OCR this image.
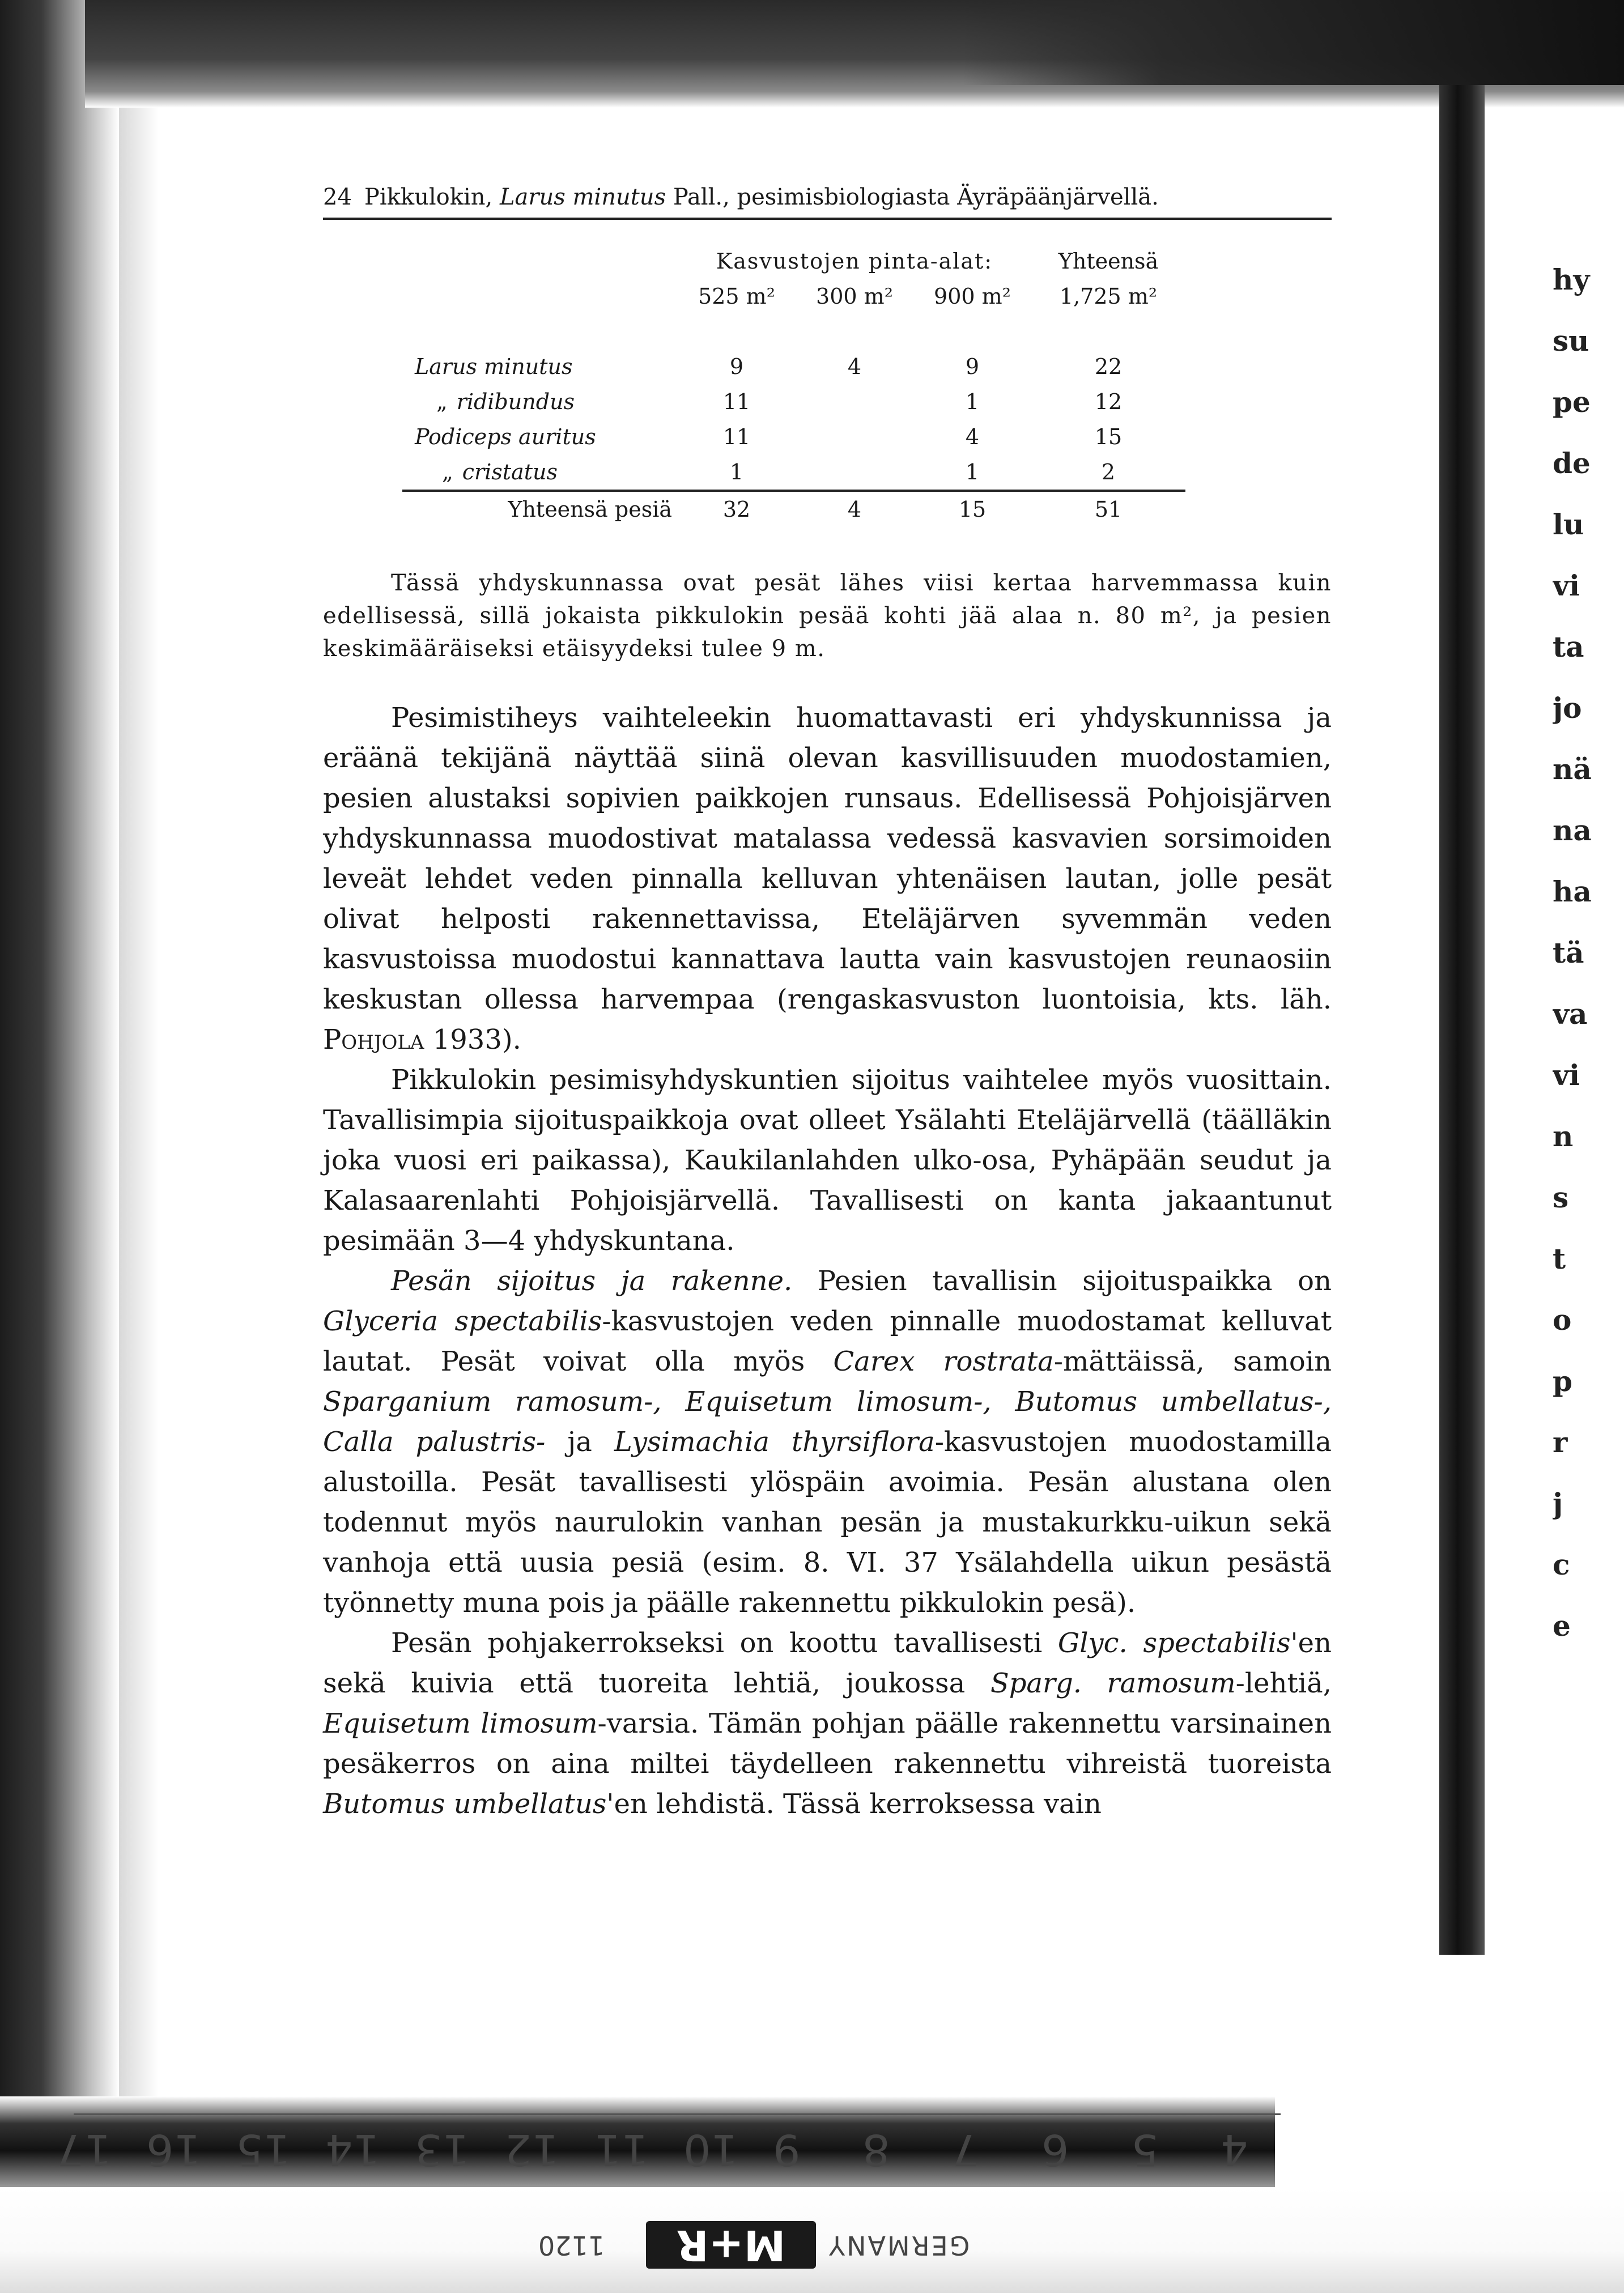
hy
su
pe
de
lu
vi
ta
jo
nä
na
ha
tä
va
vi
n
s
t
o
p
r
j
c
e
17 16 15 14 13 12 11 10 9 8 7 6 5 4
1120	M+R	GERMANY
24 Pikkulokin, Larus minutus Pall., pesimisbiologiasta Äyräpäänjärvellä.
	Kasvustojen pinta-alat:			Yhteensä
	525 m²	300 m²	900 m²	1,725 m²

Larus minutus	9	4	9	22
„ ridibundus	11		1	12
Podiceps auritus	11		4	15
„ cristatus	1		1	2
Yhteensä pesiä	32	4	15	51
Tässä yhdyskunnassa ovat pesät lähes viisi kertaa harvemmassa kuin edellisessä, sillä jokaista pikkulokin pesää kohti jää alaa n. 80 m², ja pesien keskimääräiseksi etäisyydeksi tulee 9 m.

Pesimistiheys vaihteleekin huomattavasti eri yhdyskunnissa ja eräänä tekijänä näyttää siinä olevan kasvillisuuden muodostamien, pesien alustaksi sopivien paikkojen runsaus. Edellisessä Pohjoisjärven yhdyskunnassa muodostivat matalassa vedessä kasvavien sorsimoiden leveät lehdet veden pinnalla kelluvan yhtenäisen lautan, jolle pesät olivat helposti rakennettavissa, Eteläjärven syvemmän veden kasvustoissa muodostui kannattava lautta vain kasvustojen reunaosiin keskustan ollessa harvempaa (rengaskasvuston luontoisia, kts. läh. Pohjola 1933).

Pikkulokin pesimisyhdyskuntien sijoitus vaihtelee myös vuosittain. Tavallisimpia sijoituspaikkoja ovat olleet Ysälahti Eteläjärvellä (täälläkin joka vuosi eri paikassa), Kaukilanlahden ulko-osa, Pyhäpään seudut ja Kalasaarenlahti Pohjoisjärvellä. Tavallisesti on kanta jakaantunut pesimään 3—4 yhdyskuntana.

Pesän sijoitus ja rakenne. Pesien tavallisin sijoituspaikka on Glyceria spectabilis-kasvustojen veden pinnalle muodostamat kelluvat lautat. Pesät voivat olla myös Carex rostrata-mättäissä, samoin Sparganium ramosum-, Equisetum limosum-, Butomus umbellatus-, Calla palustris- ja Lysimachia thyrsiflora-kasvustojen muodostamilla alustoilla. Pesät tavallisesti ylöspäin avoimia. Pesän alustana olen todennut myös naurulokin vanhan pesän ja mustakurkku-uikun sekä vanhoja että uusia pesiä (esim. 8. VI. 37 Ysälahdella uikun pesästä työnnetty muna pois ja päälle rakennettu pikkulokin pesä).

Pesän pohjakerrokseksi on koottu tavallisesti Glyc. spectabilis'en sekä kuivia että tuoreita lehtiä, joukossa Sparg. ramosum-lehtiä, Equisetum limosum-varsia. Tämän pohjan päälle rakennettu varsinainen pesäkerros on aina miltei täydelleen rakennettu vihreistä tuoreista Butomus umbellatus'en lehdistä. Tässä kerroksessa vain
